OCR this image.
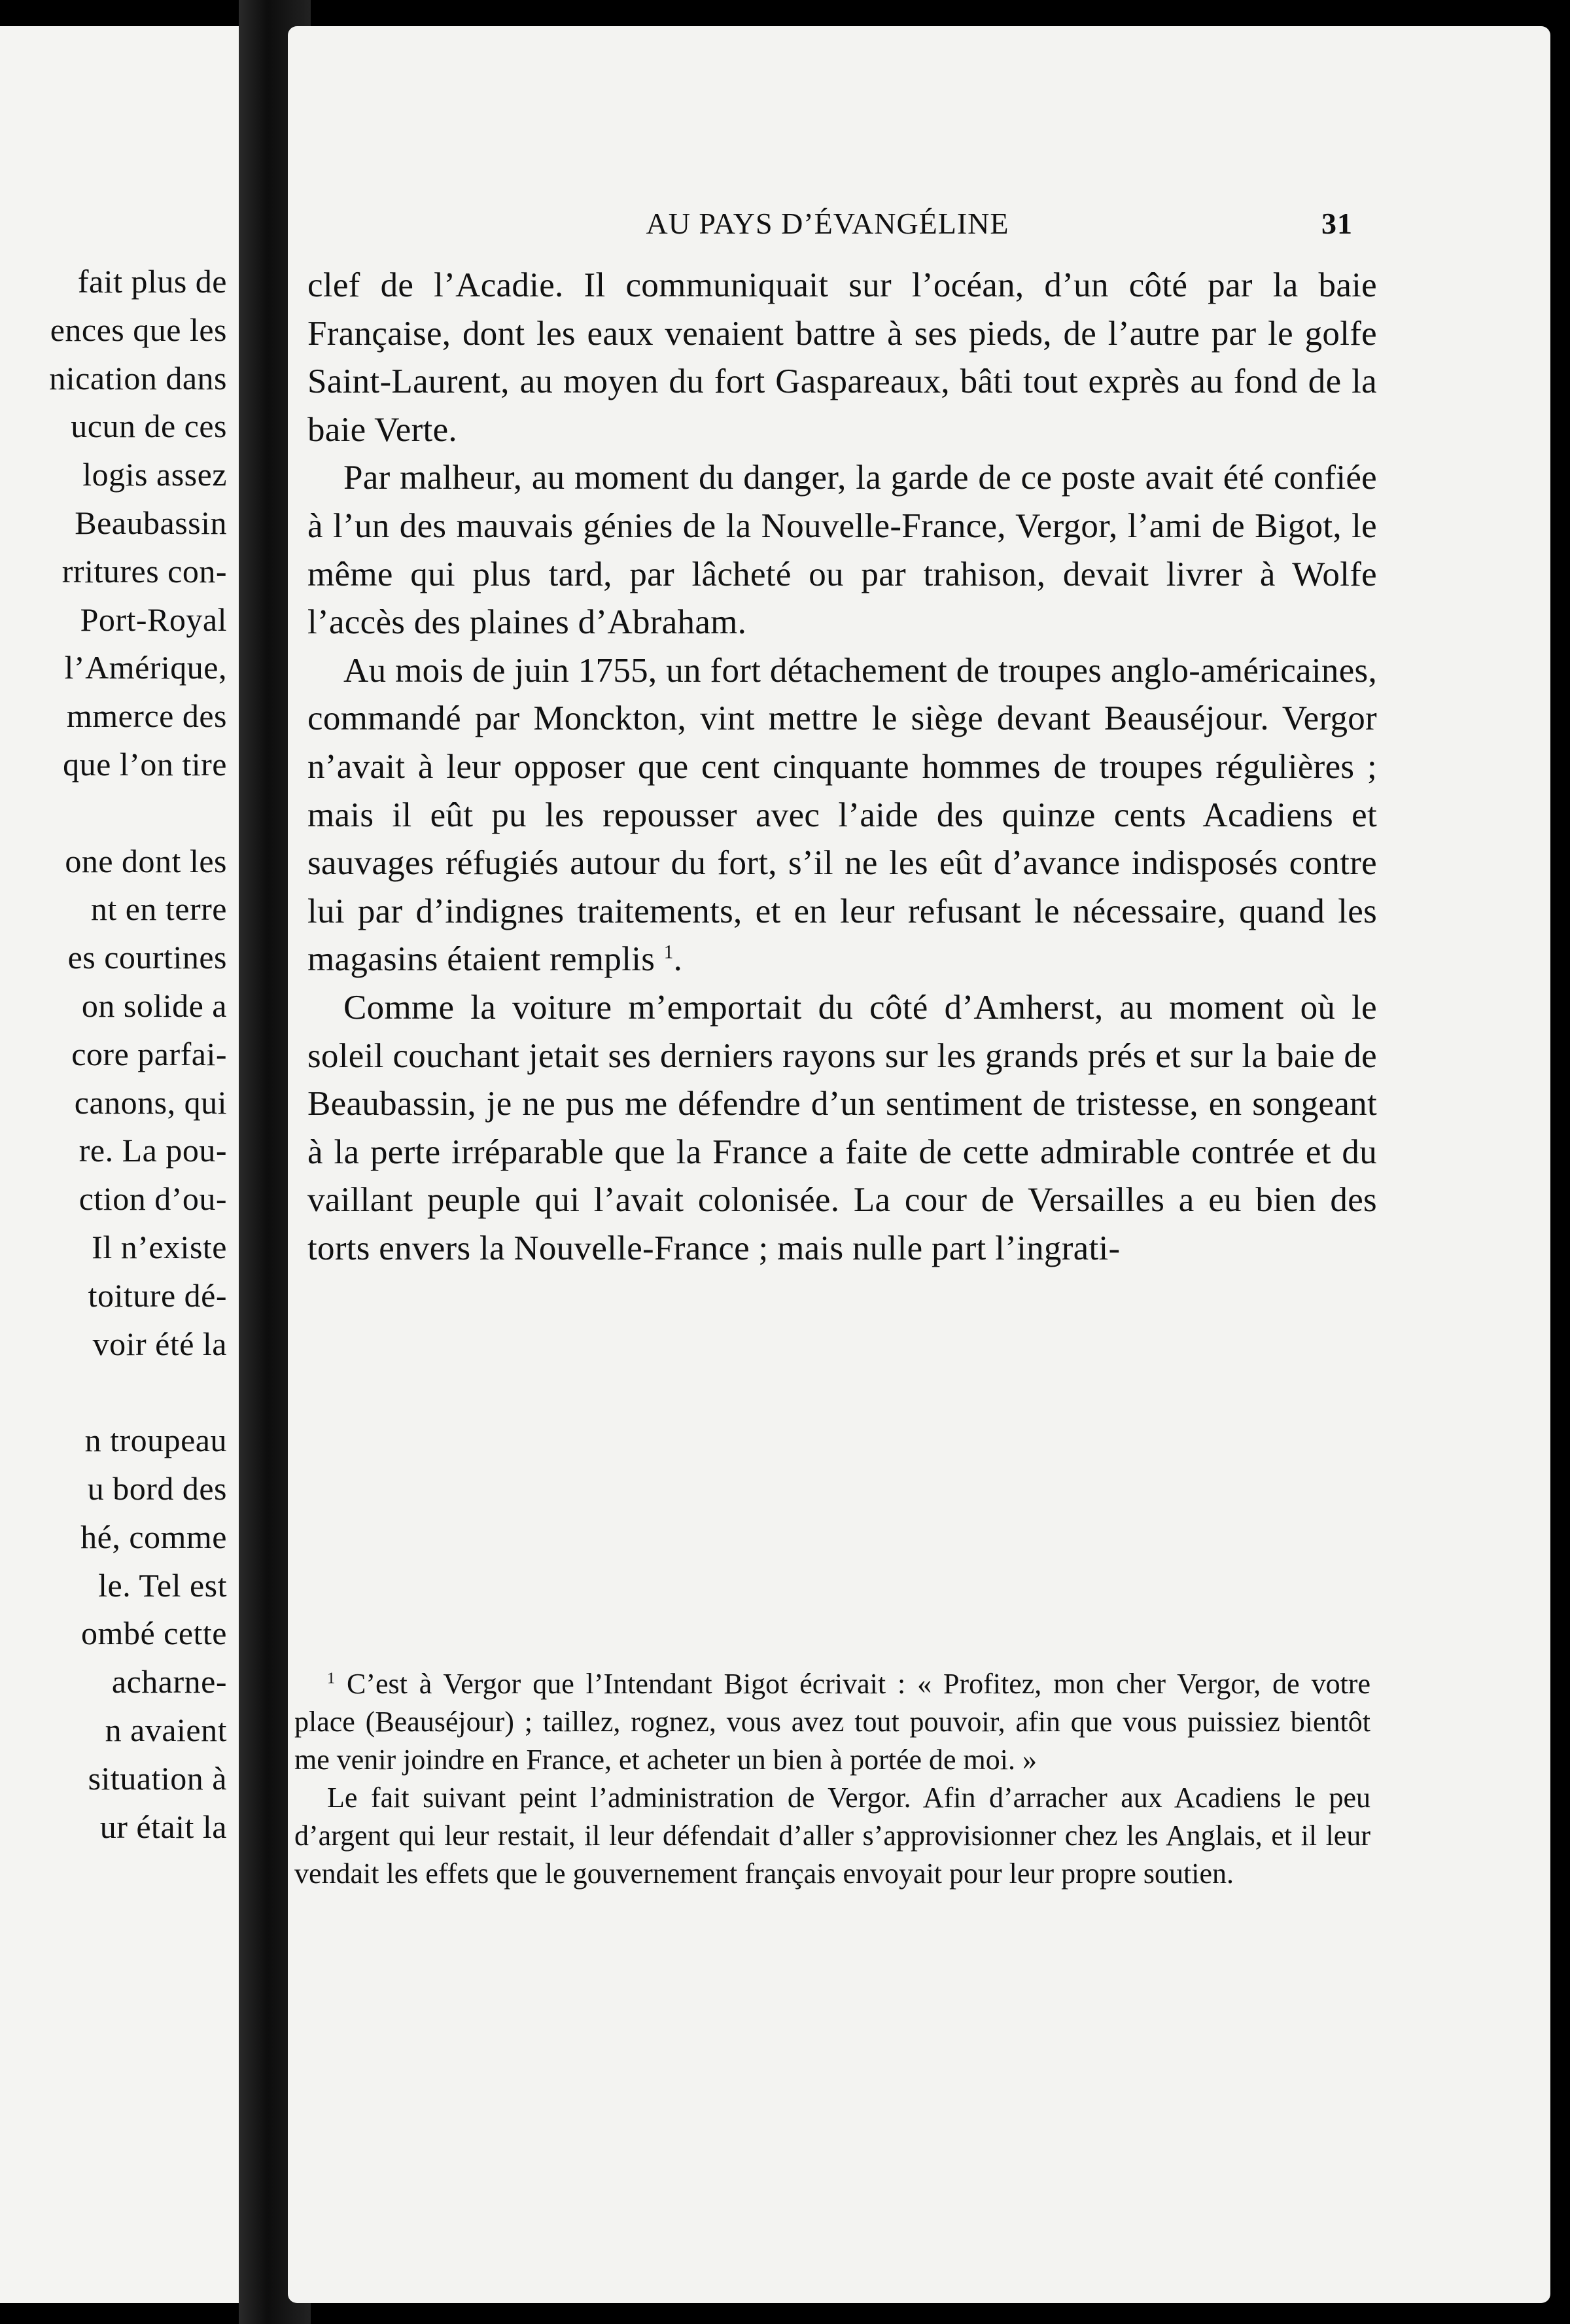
fait plus de
ences que les
nication dans
ucun de ces
logis assez
Beaubassin
rritures con-
Port-Royal
l’Amérique,
mmerce des
que l’on tire
one dont les
nt en terre
es courtines
on solide a
core parfai-
canons, qui
re. La pou-
ction d’ou-
Il n’existe
toiture dé-
voir été la
n troupeau
u bord des
hé, comme
le. Tel est
ombé cette
acharne-
n avaient
situation à
ur était la
AU PAYS D’ÉVANGÉLINE	31

clef de l’Acadie. Il communiquait sur l’océan, d’un côté par la baie Française, dont les eaux venaient battre à ses pieds, de l’autre par le golfe Saint-Laurent, au moyen du fort Gaspareaux, bâti tout exprès au fond de la baie Verte.

Par malheur, au moment du danger, la garde de ce poste avait été confiée à l’un des mauvais génies de la Nouvelle-France, Vergor, l’ami de Bigot, le même qui plus tard, par lâcheté ou par trahison, devait livrer à Wolfe l’accès des plaines d’Abraham.

Au mois de juin 1755, un fort détachement de troupes anglo-américaines, commandé par Monckton, vint mettre le siège devant Beauséjour. Vergor n’avait à leur opposer que cent cinquante hommes de troupes régulières ; mais il eût pu les repousser avec l’aide des quinze cents Acadiens et sauvages réfugiés autour du fort, s’il ne les eût d’avance indisposés contre lui par d’indignes traitements, et en leur refusant le nécessaire, quand les magasins étaient remplis $^1$.

Comme la voiture m’emportait du côté d’Amherst, au moment où le soleil couchant jetait ses derniers rayons sur les grands prés et sur la baie de Beaubassin, je ne pus me défendre d’un sentiment de tristesse, en songeant à la perte irréparable que la France a faite de cette admirable contrée et du vaillant peuple qui l’avait colonisée. La cour de Versailles a eu bien des torts envers la Nouvelle-France ; mais nulle part l’ingrati-

$^1$ C’est à Vergor que l’Intendant Bigot écrivait : « Profitez, mon cher Vergor, de votre place (Beauséjour) ; taillez, rognez, vous avez tout pouvoir, afin que vous puissiez bientôt me venir joindre en France, et acheter un bien à portée de moi. »

Le fait suivant peint l’administration de Vergor. Afin d’arracher aux Acadiens le peu d’argent qui leur restait, il leur défendait d’aller s’approvisionner chez les Anglais, et il leur vendait les effets que le gouvernement français envoyait pour leur propre soutien.
